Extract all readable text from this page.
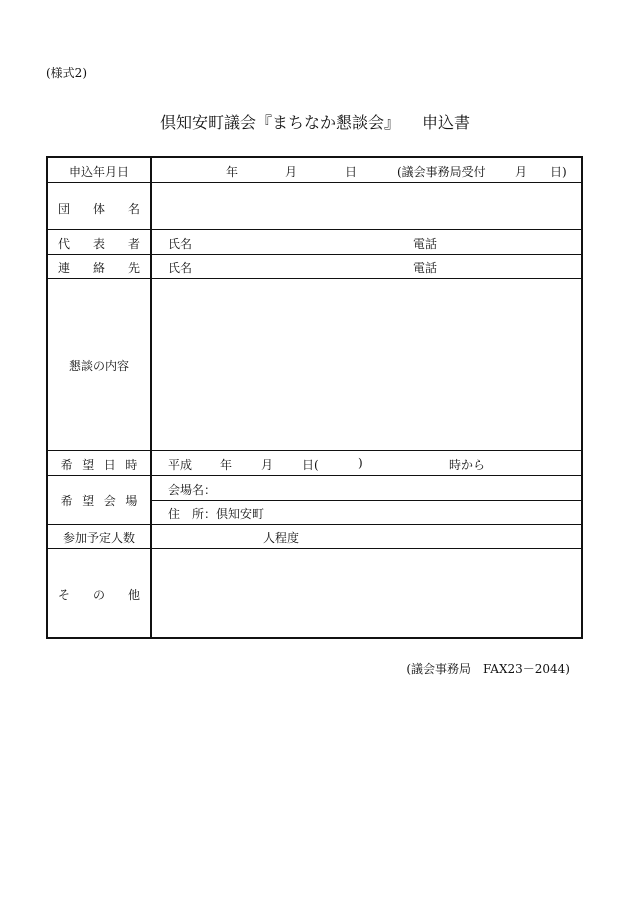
(様式2)
倶知安町議会『まちなか懇談会』 申込書
申込年月日	年	月	日	(議会事務局受付 月 日)
団 体 名
代 表 者 氏名	電話
連 絡 先 氏名	電話
懇談の内容
希望日時 平成 年 月 日(	)	時から
希望会場
会場名：
住　所：倶知安町
参加予定人数	人程度
そ の 他
(議会事務局　FAX23－2044)
